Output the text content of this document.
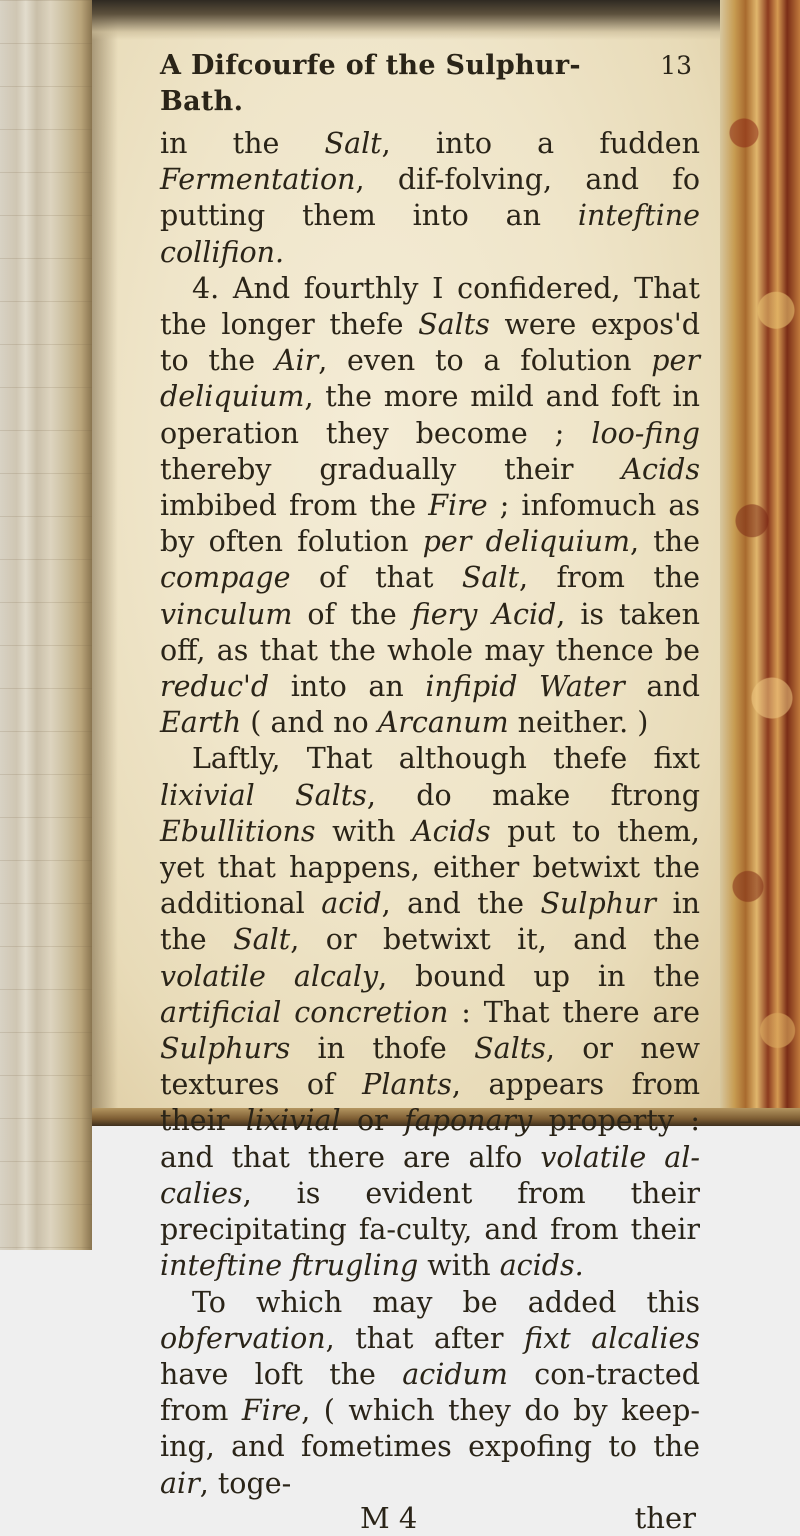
A Difcourfe of the Sulphur-Bath.
13

in the Salt, into a fudden Fermentation, dif-folving, and fo putting them into an inteftine collifion.

4. And fourthly I confidered, That the longer thefe Salts were expos'd to the Air, even to a folution per deliquium, the more mild and foft in operation they become ; loo-fing thereby gradually their Acids imbibed from the Fire ; infomuch as by often folution per deliquium, the compage of that Salt, from the vinculum of the fiery Acid, is taken off, as that the whole may thence be reduc'd into an infipid Water and Earth ( and no Arcanum neither. )

Laftly, That although thefe fixt lixivial Salts, do make ftrong Ebullitions with Acids put to them, yet that happens, either betwixt the additional acid, and the Sulphur in the Salt, or betwixt it, and the volatile alcaly, bound up in the artificial concretion : That there are Sulphurs in thofe Salts, or new textures of Plants, appears from their lixivial or faponary property : and that there are alfo volatile al-calies, is evident from their precipitating fa-culty, and from their inteftine ftrugling with acids.

To which may be added this obfervation, that after fixt alcalies have loft the acidum con-tracted from Fire, ( which they do by keep-ing, and fometimes expofing to the air, toge-

M 4	ther
